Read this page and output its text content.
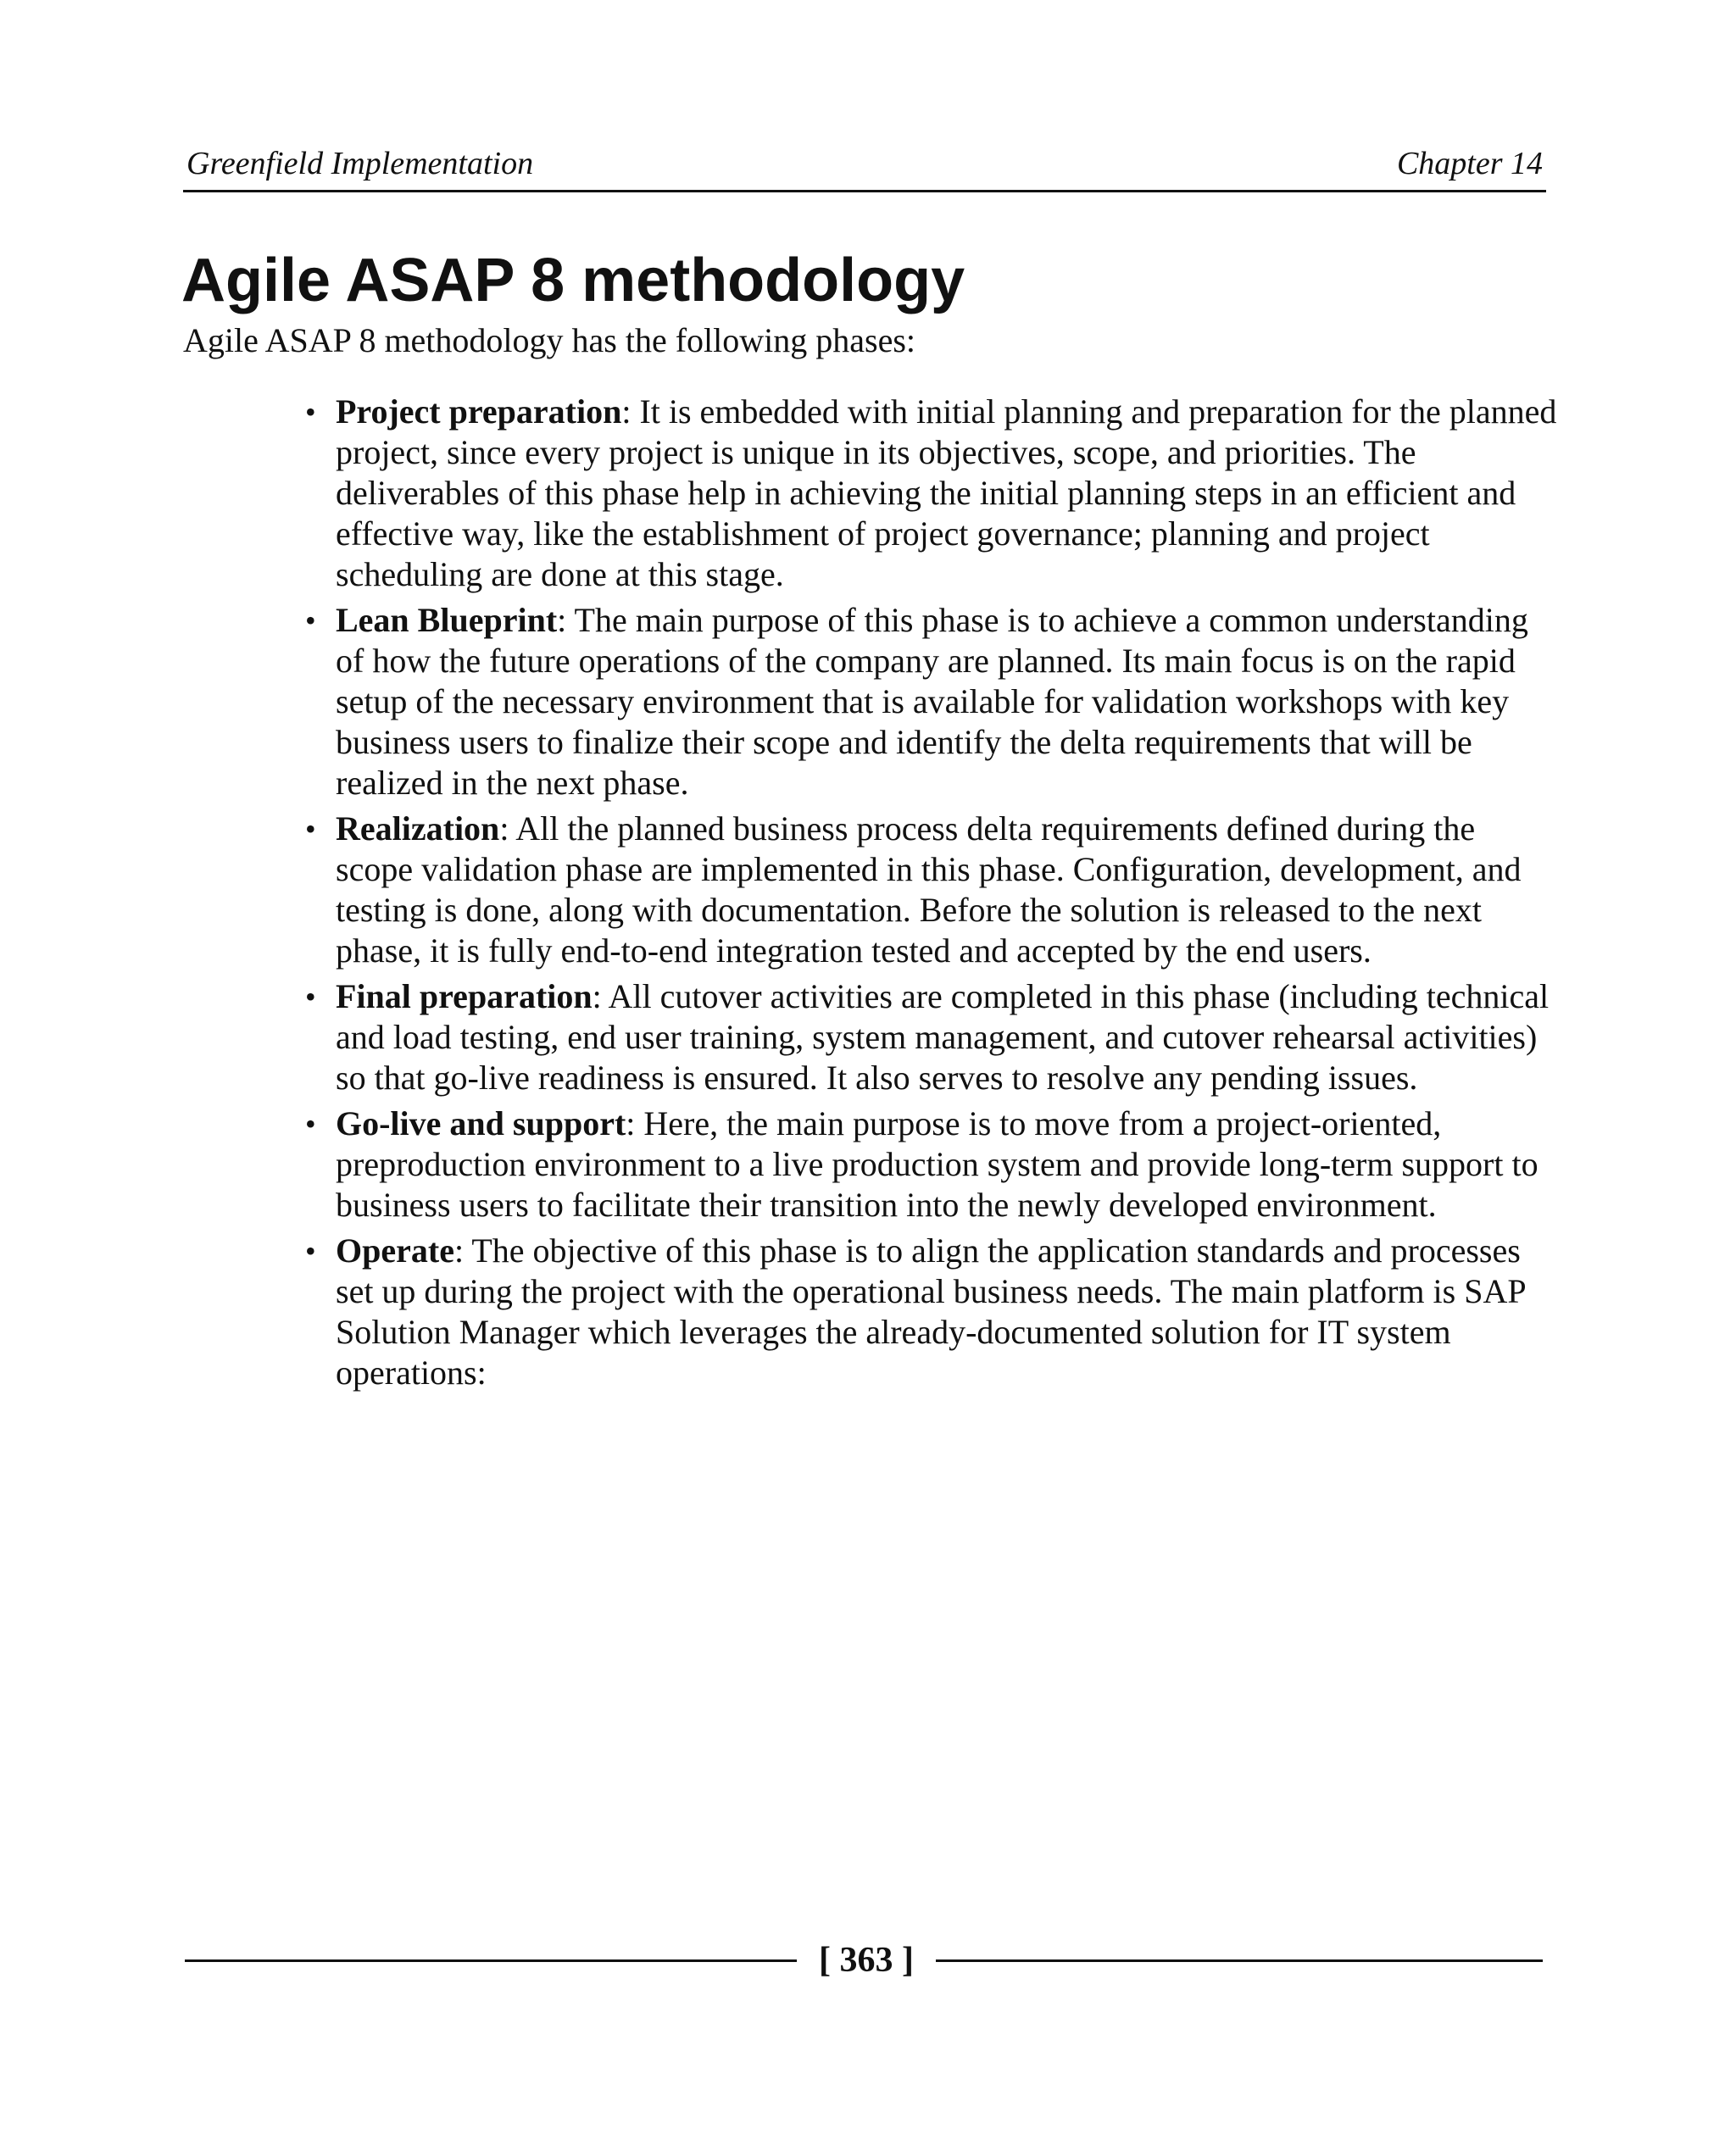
Greenfield Implementation	Chapter 14
Agile ASAP 8 methodology

Agile ASAP 8 methodology has the following phases:

• Project preparation: It is embedded with initial planning and preparation for the planned project, since every project is unique in its objectives, scope, and priorities. The deliverables of this phase help in achieving the initial planning steps in an efficient and effective way, like the establishment of project governance; planning and project scheduling are done at this stage.
• Lean Blueprint: The main purpose of this phase is to achieve a common understanding of how the future operations of the company are planned. Its main focus is on the rapid setup of the necessary environment that is available for validation workshops with key business users to finalize their scope and identify the delta requirements that will be realized in the next phase.
• Realization: All the planned business process delta requirements defined during the scope validation phase are implemented in this phase. Configuration, development, and testing is done, along with documentation. Before the solution is released to the next phase, it is fully end-to-end integration tested and accepted by the end users.
• Final preparation: All cutover activities are completed in this phase (including technical and load testing, end user training, system management, and cutover rehearsal activities) so that go-live readiness is ensured. It also serves to resolve any pending issues.
• Go-live and support: Here, the main purpose is to move from a project-oriented, preproduction environment to a live production system and provide long-term support to business users to facilitate their transition into the newly developed environment.
• Operate: The objective of this phase is to align the application standards and processes set up during the project with the operational business needs. The main platform is SAP Solution Manager which leverages the already-documented solution for IT system operations:
[ 363 ]
